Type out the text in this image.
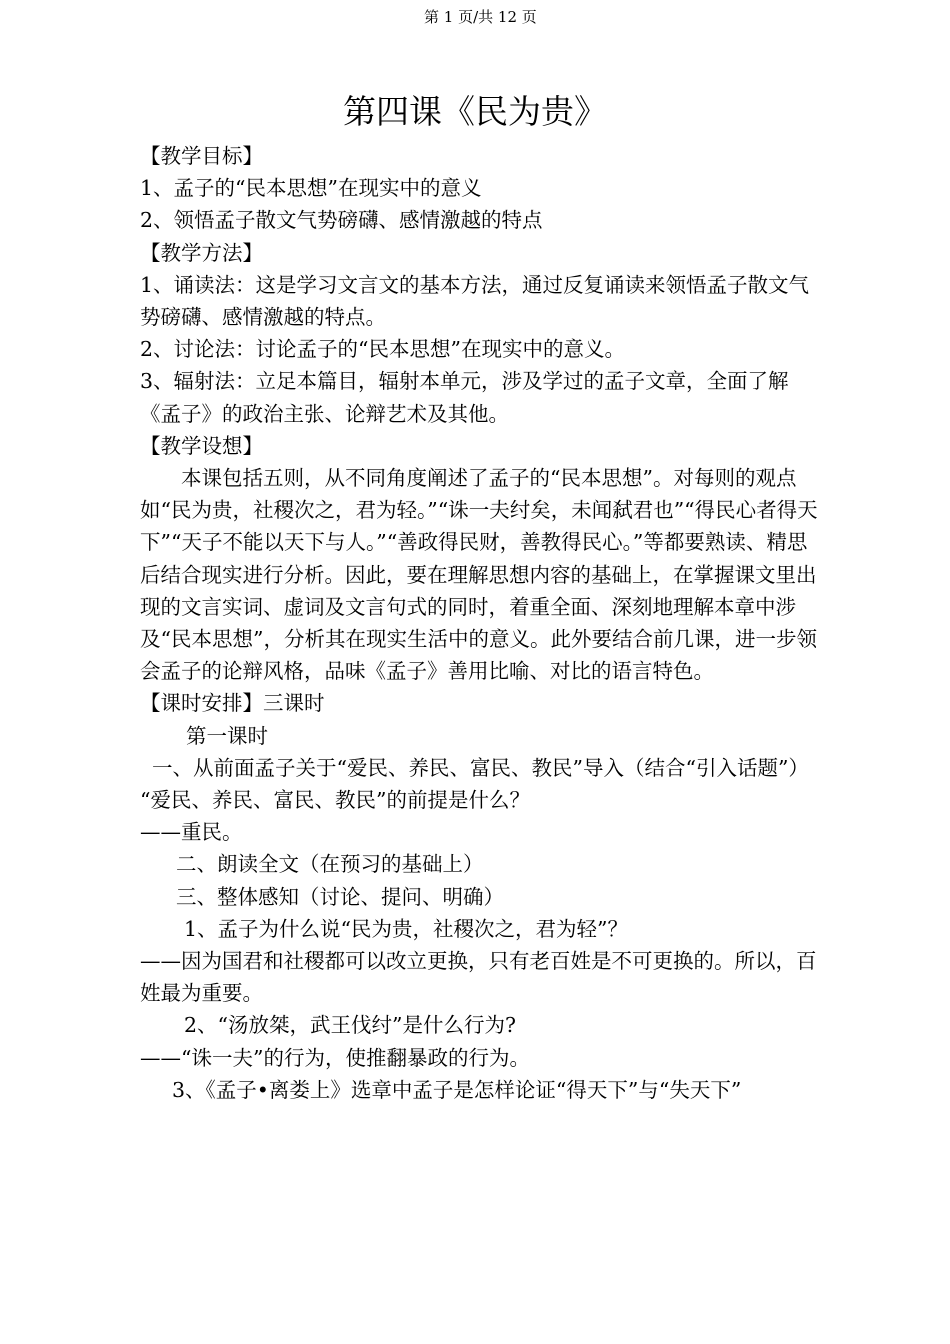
第 1 页/共 12 页
第四课《民为贵》

【教学目标】

1、孟子的“民本思想”在现实中的意义

2、领悟孟子散文气势磅礴、感情激越的特点

【教学方法】

1、诵读法：这是学习文言文的基本方法，通过反复诵读来领悟孟子散文气势磅礴、感情激越的特点。

2、讨论法：讨论孟子的“民本思想”在现实中的意义。

3、辐射法：立足本篇目，辐射本单元，涉及学过的孟子文章，全面了解《孟子》的政治主张、论辩艺术及其他。

【教学设想】

本课包括五则，从不同角度阐述了孟子的“民本思想”。对每则的观点如“民为贵，社稷次之，君为轻。”“诛一夫纣矣，未闻弑君也”“得民心者得天下”“天子不能以天下与人。”“善政得民财，善教得民心。”等都要熟读、精思后结合现实进行分析。因此，要在理解思想内容的基础上，在掌握课文里出现的文言实词、虚词及文言句式的同时，着重全面、深刻地理解本章中涉及“民本思想”，分析其在现实生活中的意义。此外要结合前几课，进一步领会孟子的论辩风格，品味《孟子》善用比喻、对比的语言特色。

【课时安排】三课时

第一课时

一、从前面孟子关于“爱民、养民、富民、教民”导入（结合“引入话题”）

“爱民、养民、富民、教民”的前提是什么？

——重民。

二、朗读全文（在预习的基础上）

三、整体感知（讨论、提问、明确）

1、孟子为什么说“民为贵，社稷次之，君为轻”？

——因为国君和社稷都可以改立更换，只有老百姓是不可更换的。所以，百姓最为重要。

2、“汤放桀，武王伐纣”是什么行为?

——“诛一夫”的行为，使推翻暴政的行为。

3、《孟子•离娄上》选章中孟子是怎样论证“得天下”与“失天下”
